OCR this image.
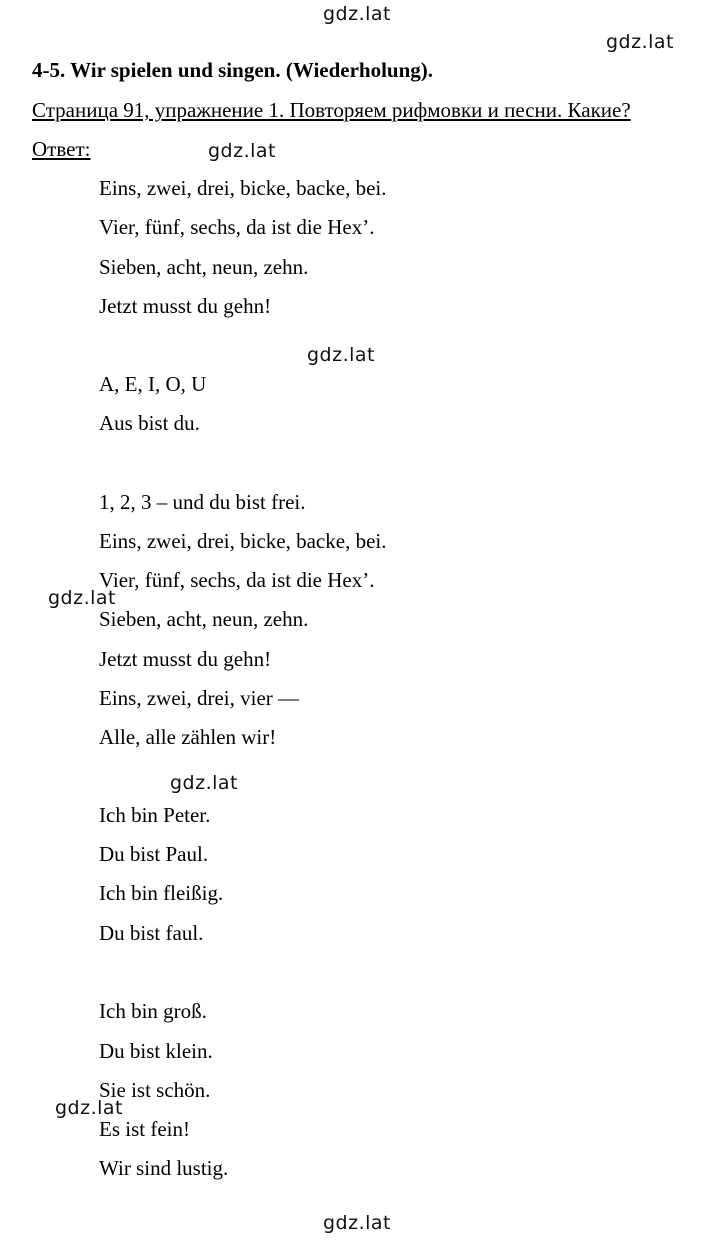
gdz.lat
gdz.lat
4-5. Wir spielen und singen. (Wiederholung).
Страница 91, упражнение 1. Повторяем рифмовки и песни. Какие?
Ответ:	gdz.lat
Eins, zwei, drei, bicke, backe, bei.
Vier, fünf, sechs, da ist die Hex’.
Sieben, acht, neun, zehn.
Jetzt musst du gehn!
gdz.lat
A, E, I, O, U
Aus bist du.
1, 2, 3 – und du bist frei.
Eins, zwei, drei, bicke, backe, bei.
Vier, fünf, sechs, da ist die Hex’.
gdz.lat
Sieben, acht, neun, zehn.
Jetzt musst du gehn!
Eins, zwei, drei, vier —
Alle, alle zählen wir!
gdz.lat
Ich bin Peter.
Du bist Paul.
Ich bin fleißig.
Du bist faul.
Ich bin groß.
Du bist klein.
Sie ist schön.
gdz.lat
Es ist fein!
Wir sind lustig.
gdz.lat
